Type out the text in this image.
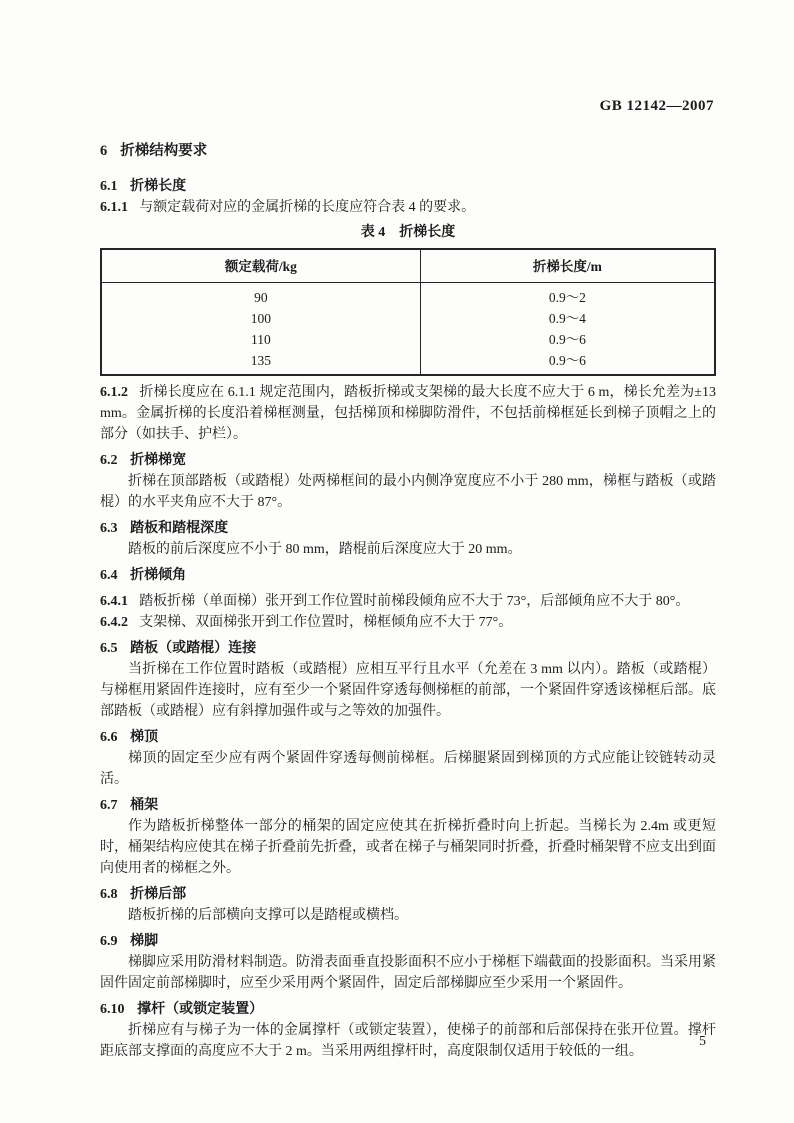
GB 12142—2007

6 折梯结构要求

6.1 折梯长度

6.1.1 与额定载荷对应的金属折梯的长度应符合表 4 的要求。

表 4　折梯长度

额定载荷/kg	折梯长度/m
90	0.9～2
100	0.9～4
110	0.9～6
135	0.9～6

6.1.2 折梯长度应在 6.1.1 规定范围内，踏板折梯或支架梯的最大长度不应大于 6 m，梯长允差为±13 mm。金属折梯的长度沿着梯框测量，包括梯顶和梯脚防滑件，不包括前梯框延长到梯子顶帽之上的部分（如扶手、护栏）。

6.2 折梯梯宽

折梯在顶部踏板（或踏棍）处两梯框间的最小内侧净宽度应不小于 280 mm，梯框与踏板（或踏棍）的水平夹角应不大于 87°。

6.3 踏板和踏棍深度

踏板的前后深度应不小于 80 mm，踏棍前后深度应大于 20 mm。

6.4 折梯倾角

6.4.1 踏板折梯（单面梯）张开到工作位置时前梯段倾角应不大于 73°，后部倾角应不大于 80°。

6.4.2 支架梯、双面梯张开到工作位置时，梯框倾角应不大于 77°。

6.5 踏板（或踏棍）连接

当折梯在工作位置时踏板（或踏棍）应相互平行且水平（允差在 3 mm 以内）。踏板（或踏棍）与梯框用紧固件连接时，应有至少一个紧固件穿透每侧梯框的前部，一个紧固件穿透该梯框后部。底部踏板（或踏棍）应有斜撑加强件或与之等效的加强件。

6.6 梯顶

梯顶的固定至少应有两个紧固件穿透每侧前梯框。后梯腿紧固到梯顶的方式应能让铰链转动灵活。

6.7 桶架

作为踏板折梯整体一部分的桶架的固定应使其在折梯折叠时向上折起。当梯长为 2.4m 或更短时，桶架结构应使其在梯子折叠前先折叠，或者在梯子与桶架同时折叠，折叠时桶架臂不应支出到面向使用者的梯框之外。

6.8 折梯后部

踏板折梯的后部横向支撑可以是踏棍或横档。

6.9 梯脚

梯脚应采用防滑材料制造。防滑表面垂直投影面积不应小于梯框下端截面的投影面积。当采用紧固件固定前部梯脚时，应至少采用两个紧固件，固定后部梯脚应至少采用一个紧固件。

6.10 撑杆（或锁定装置）

折梯应有与梯子为一体的金属撑杆（或锁定装置），使梯子的前部和后部保持在张开位置。撑杆距底部支撑面的高度应不大于 2 m。当采用两组撑杆时，高度限制仅适用于较低的一组。

5
